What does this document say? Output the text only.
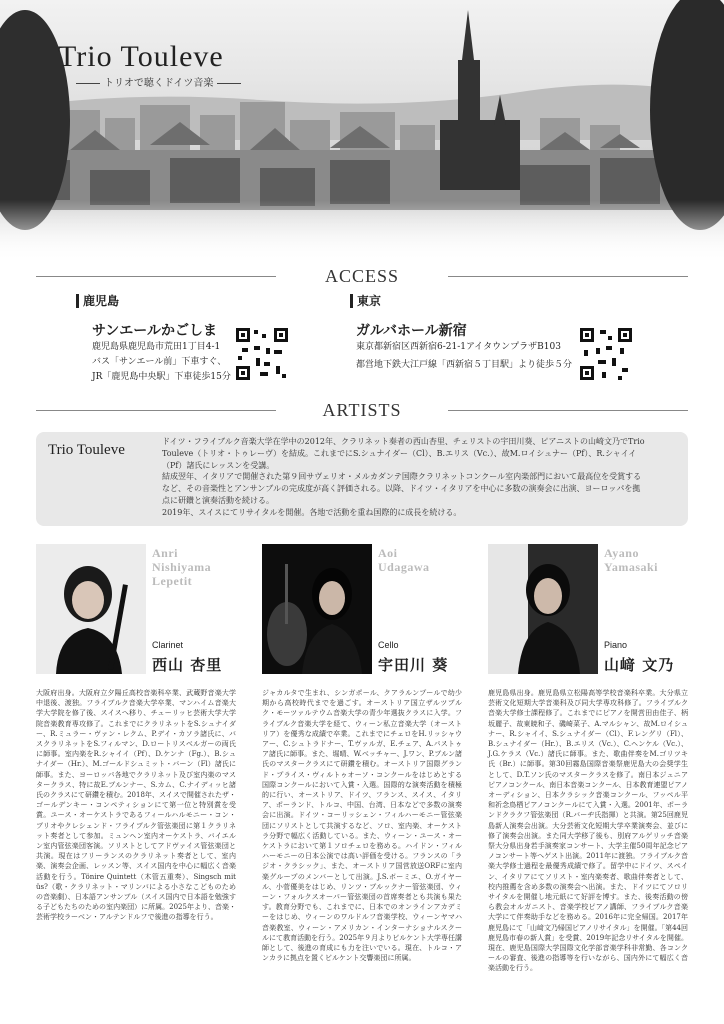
Trio Touleve
トリオで聴くドイツ音楽
ACCESS
鹿児島
サンエールかごしま
鹿児島県鹿児島市荒田1丁目4-1
バス「サンエール前」下車すぐ、
JR「鹿児島中央駅」下車徒歩15分
東京
ガルバホール新宿
東京都新宿区西新宿6-21-1アイタウンプラザB103
都営地下鉄大江戸線「西新宿５丁目駅」より徒歩５分
ARTISTS
Trio Touleve
ドイツ・フライブルク音楽大学在学中の2012年、クラリネット奏者の西山杏里、チェリストの宇田川葵、ピアニストの山崎文乃でTrio
Touleve（トリオ・トゥレーヴ）を結成。これまでにS.シュナイダー（Cl）、B.エリス（Vc.）、故M.ロイシュナー（Pf）、R.シャイイ
（Pf）諸氏にレッスンを受講。
結成翌年、イタリアで開催された第９回サヴェリオ・メルカダンテ国際クラリネットコンクール室内楽部門において最高位を受賞する
など、その音楽性とアンサンブルの完成度が高く評価される。以降、ドイツ・イタリアを中心に多数の演奏会に出演、ヨーロッパを拠
点に研鑽と演奏活動を続ける。
2019年、スイスにてリサイタルを開催。各地で活動を重ね国際的に成長を続ける。
Anri
Nishiyama
Lepetit
Clarinet
西山 杏里
大阪府出身。大阪府立夕陽丘高校音楽科卒業、武蔵野音楽大学中退後、渡独。フライブルク音楽大学卒業、マンハイム音楽大学大学院を修了後、スイスへ移り、チューリッヒ芸術大学大学院音楽教育専攻修了。これまでにクラリネットをS.シュナイダー、R.ミュラー・ヴァン・レクム、P.デイ・カソラ諸氏に、バスクラリネットをS.フィルマン、D.ロートリスベルガーの両氏に師事。室内楽をR.シャイイ（Pf）、D.ケンナ（Fg.）、B.シュナイダー（Hr.）、M.ゴールドシュミット・バーン（Fl）諸氏に師事。また、ヨーロッパ各地でクラリネット及び室内楽のマスタークラス、特に故E.ブルンナー、S.カム、C.ナイディッヒ諸氏のクラスにて研鑽を積む。2018年、スイスで開催されたザ・ゴールデンキー・コンペティションにて第一位と特別賞を受賞。ユース・オーケストラであるフィールハルモニー・コン・ブリオやクレシェンド・フライブルク管弦楽団に第１クラリネット奏者として参加。ミュンヘン室内オーケストラ、バイエルン室内管弦楽団客演。ソリストとしてアドヴァイス管弦楽団と共演。現在はフリーランスのクラリネット奏者として、室内楽、演奏会企画、レッスン等、スイス国内を中心に幅広く音楽活動を行う。Tönire Quintett（木管五重奏）、Singsch mit üs?（歌・クラリネット・マリンバによる小さなこどものための音楽劇）、日本語アンサンブル（スイス国内で日本語を勉強する子どもたちのための室内楽団）に所属。2025年より、音楽・芸術学校ラーベン・アルテンドルフで後進の指導を行う。
Aoi
Udagawa
Cello
宇田川 葵
ジャカルタで生まれ、シンガポール、クアラルンプールで幼少期から高校時代までを過ごす。オーストリア国立ザルツブルク・モーツァルテウム音楽大学の青少年選抜クラスに入学。フライブルク音楽大学を経て、ウィーン私立音楽大学（オーストリア）を優秀な成績で卒業。これまでにチェロをH.リッシャウアー、C.シュトラドナー、T.ヴァルガ、E.チェア、A.パストゥア諸氏に師事。また、堀晴、W.ベッチャー、J.ワン、P.ブルン諸氏のマスタークラスにて研鑽を積む。オーストリア国際グランド・プライス・ヴィルトゥオーソ・コンクールをはじめとする国際コンクールにおいて入賞・入選。国際的な演奏活動を積極的に行い、オーストリア、ドイツ、フランス、スイス、イタリア、ポーランド、トルコ、中国、台湾、日本などで多数の演奏会に出演。ドイツ・コーリッシェン・フィルハーモニー管弦楽団にソリストとして共演するなど、ソロ、室内楽、オーケストラ分野で幅広く活動している。また、ウィーン・ユース・オーケストラにおいて第１ソロチェロを務める。ハイドン・フィルハーモニーの日本公演では高い評価を受ける。フランスの「ラジオ・クラシック」、また、オーストリア国営放送ORFに室内楽グループのメンバーとして出演。J.S.ボーミエ、O.ガイヤール、小菅優美をはじめ、リンツ・ブルックナー管弦楽団、ウィーン・フォルクスオーパー管弦楽団の首席奏者とも共演も果たす。教育分野でも、これまでに、日本でのオンラインアカデミーをはじめ、ウィーンのワルドルフ音楽学校、ウィーンヤマハ音楽教室、ウィーン・アメリカン・インターナショナルスクールにて教育活動を行う。2025年９月よりビルケント大学専任講師として、後進の育成にも力を注いでいる。現在、トルコ・アンカラに拠点を置くビルケント交響楽団に所属。
Ayano
Yamasaki
Piano
山﨑 文乃
鹿児島県出身。鹿児島県立松陽高等学校音楽科卒業。大分県立芸術文化短期大学音楽科及び同大学専攻科修了。フライブルク音楽大学修士課程修了。これまでにピアノを開営田由佳子、柄坂麗子、故東暁和子、磯崎菜子、A.マルシャン、故M.ロイシュナー、R.シャイイ、S.シュナイダー（Cl）、F.レングリ（Fl）、B.シュナイダー（Hr.）、B.エリス（Vc.）、C.ヘンケル（Vc.）、J.G.ケラス（Vc.）諸氏に師事。また、歌曲伴奏をM.ゴリツキ氏（Br.）に師事。第30回霧島国際音楽祭鹿児島大の会奨学生として、D.T.ソン氏のマスタークラスを修了。南日本ジュニアピアノコンクール、南日本音楽コンクール、日本教育連盟ピアノオーディション、日本クラシック音楽コンクール、フッペル平和祈念鳥栖ピアノコンクールにて入賞・入選。2001年、ポーランドクラクフ管弦楽団（R.バーヂ氏指揮）と共演。第25回鹿児島新人演奏会出演。大分芸術文化短期大学卒業演奏会、並びに修了演奏会出演。また同大学移了後も、別府アルゲリッチ音楽祭大分県出身若手演奏家コンサート、大学主催50周年記念ピアノコンサート等へゲスト出演。2011年に渡独。フライブルク音楽大学修士過程を最優秀成績で修了。留学中にドイツ、スペイン、イタリアにてソリスト・室内楽奏者、歌曲伴奏者として、校内推薦を含め多数の演奏会へ出演。また、ドイツにてソロリサイタルを開催し地元紙にて好評を博す。また、後奏活動の傍ら教会オルガニスト、音楽学校ピアノ講師、フライブルク音楽大学にて伴奏助手などを務める。2016年に完全帰国。2017年鹿児島にて「山﨑文乃帰国ピアノリサイタル」を開催。「第44回鹿児島市春の新人賞」を受賞、2019年記念リサイタルを開催。現在、鹿児島国際大学国際文化学部音楽学科非常勤、各コンクールの審査、後進の指導等を行いながら、国内外にて幅広く音楽活動を行う。
